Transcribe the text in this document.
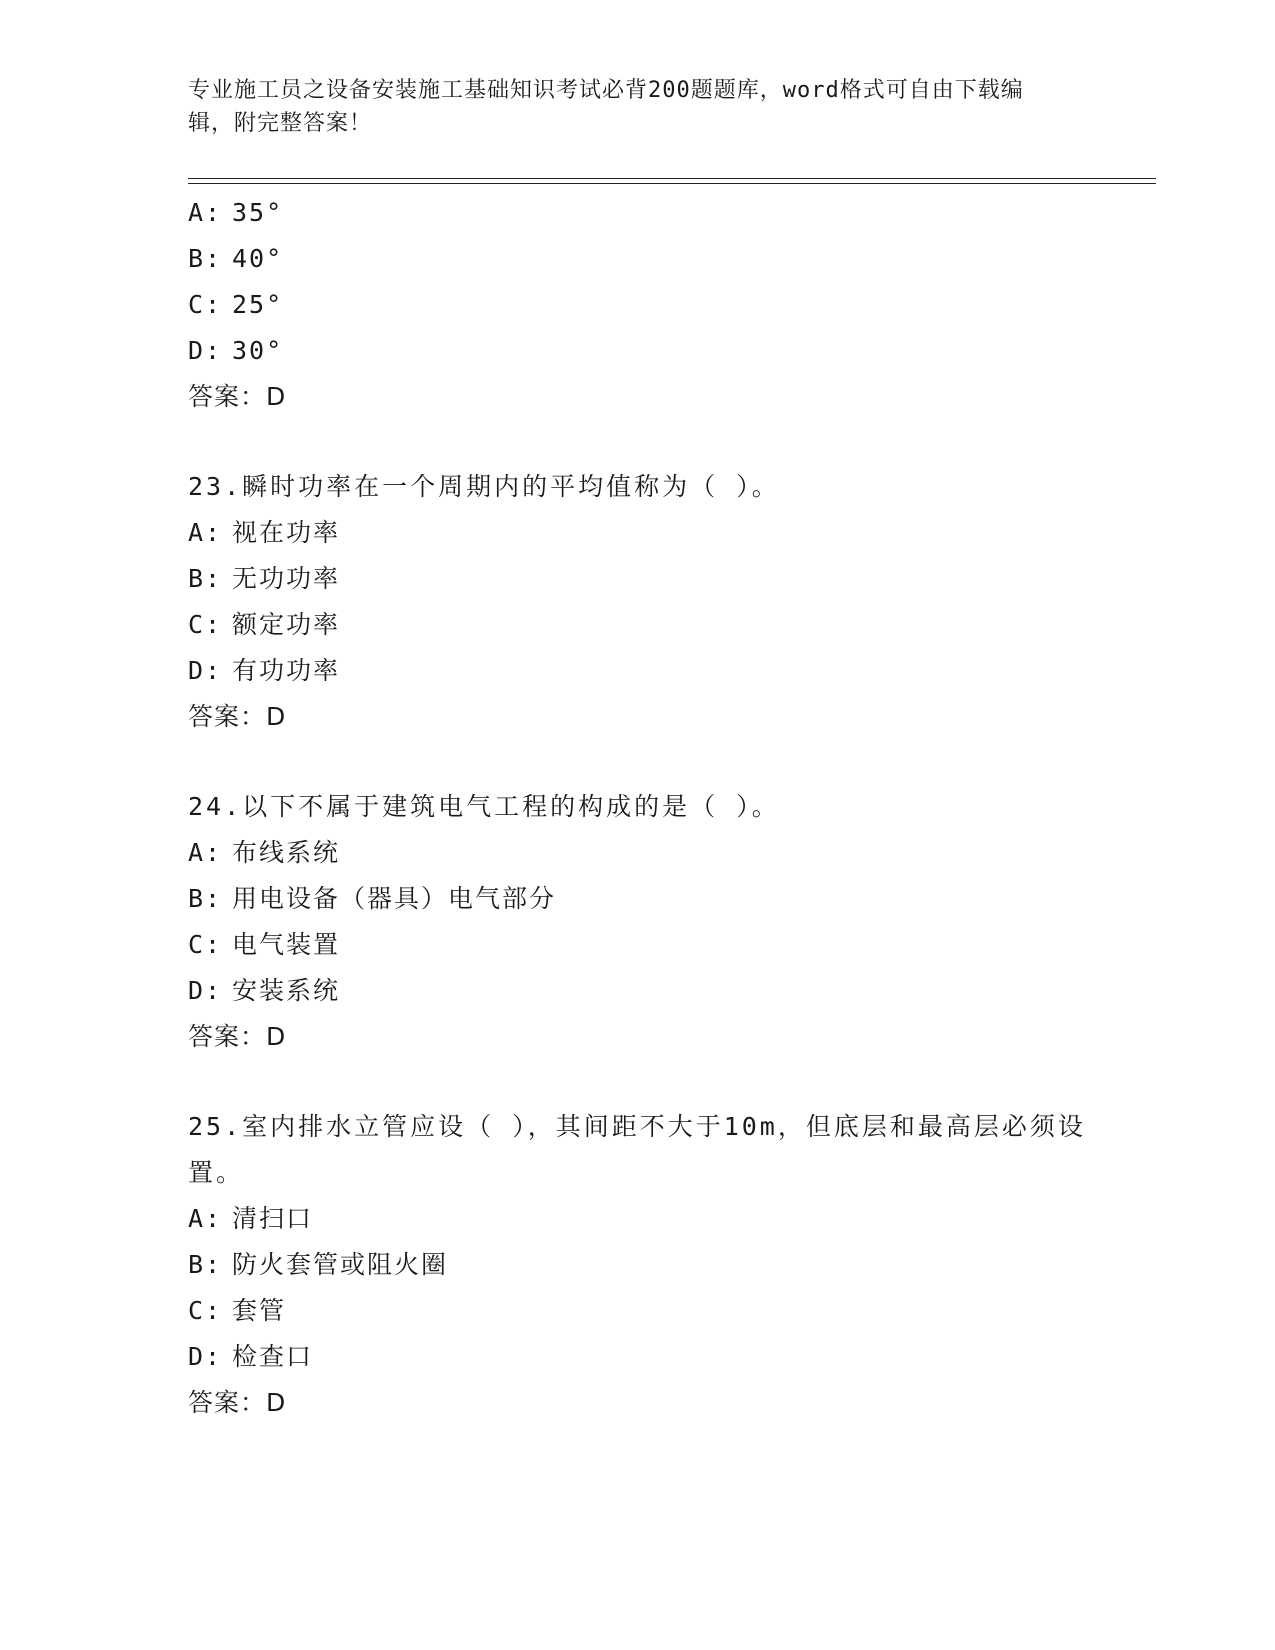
专业施工员之设备安装施工基础知识考试必背200题题库，word格式可自由下载编辑，附完整答案！
A: 35°
B: 40°
C: 25°
D: 30°
答案：D
23.瞬时功率在一个周期内的平均值称为（ ）。
A: 视在功率
B: 无功功率
C: 额定功率
D: 有功功率
答案：D
24.以下不属于建筑电气工程的构成的是（ ）。
A: 布线系统
B: 用电设备（器具）电气部分
C: 电气装置
D: 安装系统
答案：D
25.室内排水立管应设（ ），其间距不大于10m，但底层和最高层必须设置。
A: 清扫口
B: 防火套管或阻火圈
C: 套管
D: 检查口
答案：D
